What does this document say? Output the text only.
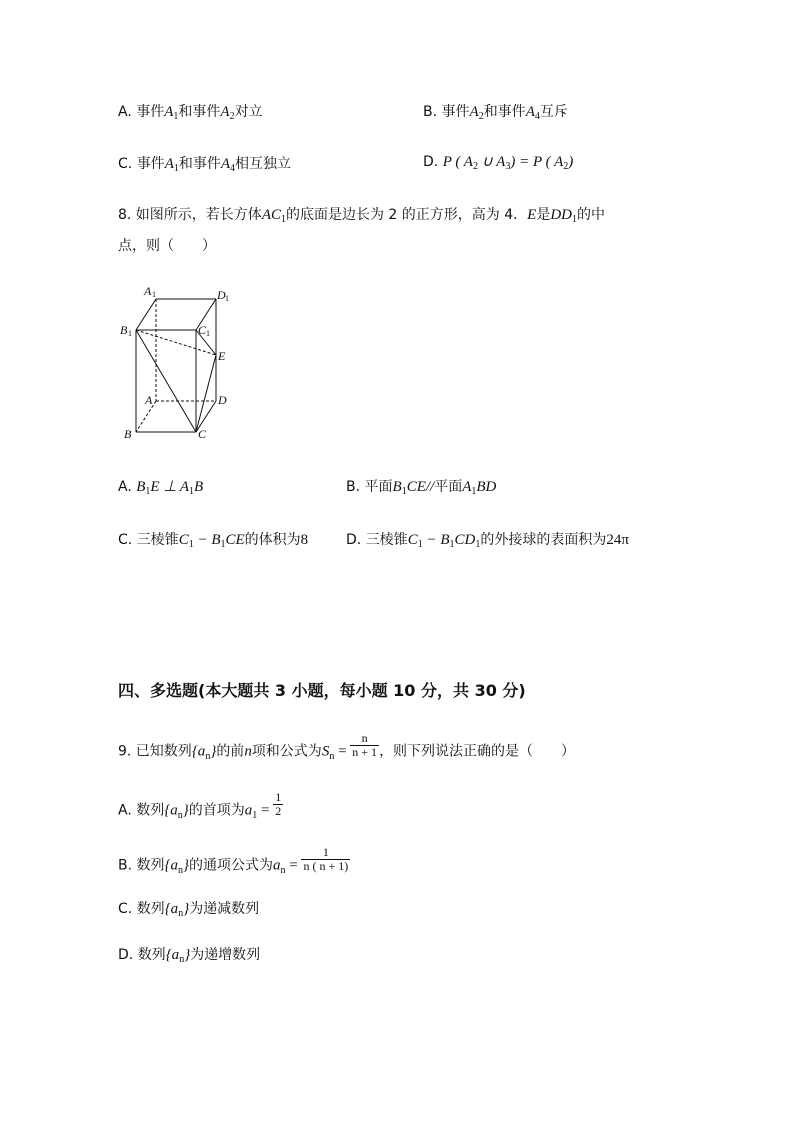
A. 事件$A_1$和事件$A_2$对立	B. 事件$A_2$和事件$A_4$互斥
C. 事件$A_1$和事件$A_4$相互独立	D. P ( $A_2$ ∪ $A_3) = P$ ( $A_2$)
8. 如图所示，若长方体$AC_1$的底面是边长为 2 的正方形，高为 4．E是$DD_1$的中
点，则（　　）
A 1	D 1
B 1	C 1
E
A	D
B	C
A. $B_1E$ ⊥ $A_1B$	B. 平面$B_1CE//$平面$A_1BD$
C. 三棱锥$C_1 - B_1CE$的体积为8	D. 三棱锥$C_1 - B_1CD_1$的外接球的表面积为24π
四、多选题(本大题共 3 小题，每小题 10 分，共 30 分)
9. 已知数列$\{a_n\}$的前n项和公式为$S_n = \frac{n}{n + 1}$ ，则下列说法正确的是（　　）
A. 数列$\{a_n\}$的首项为$a_1 = \frac{1}{2}$
B. 数列$\{a_n\}$的通项公式为$a_n = \frac{1}{n ( n + 1)}$
C. 数列$\{a_n\}$为递减数列
D. 数列$\{a_n\}$为递增数列
